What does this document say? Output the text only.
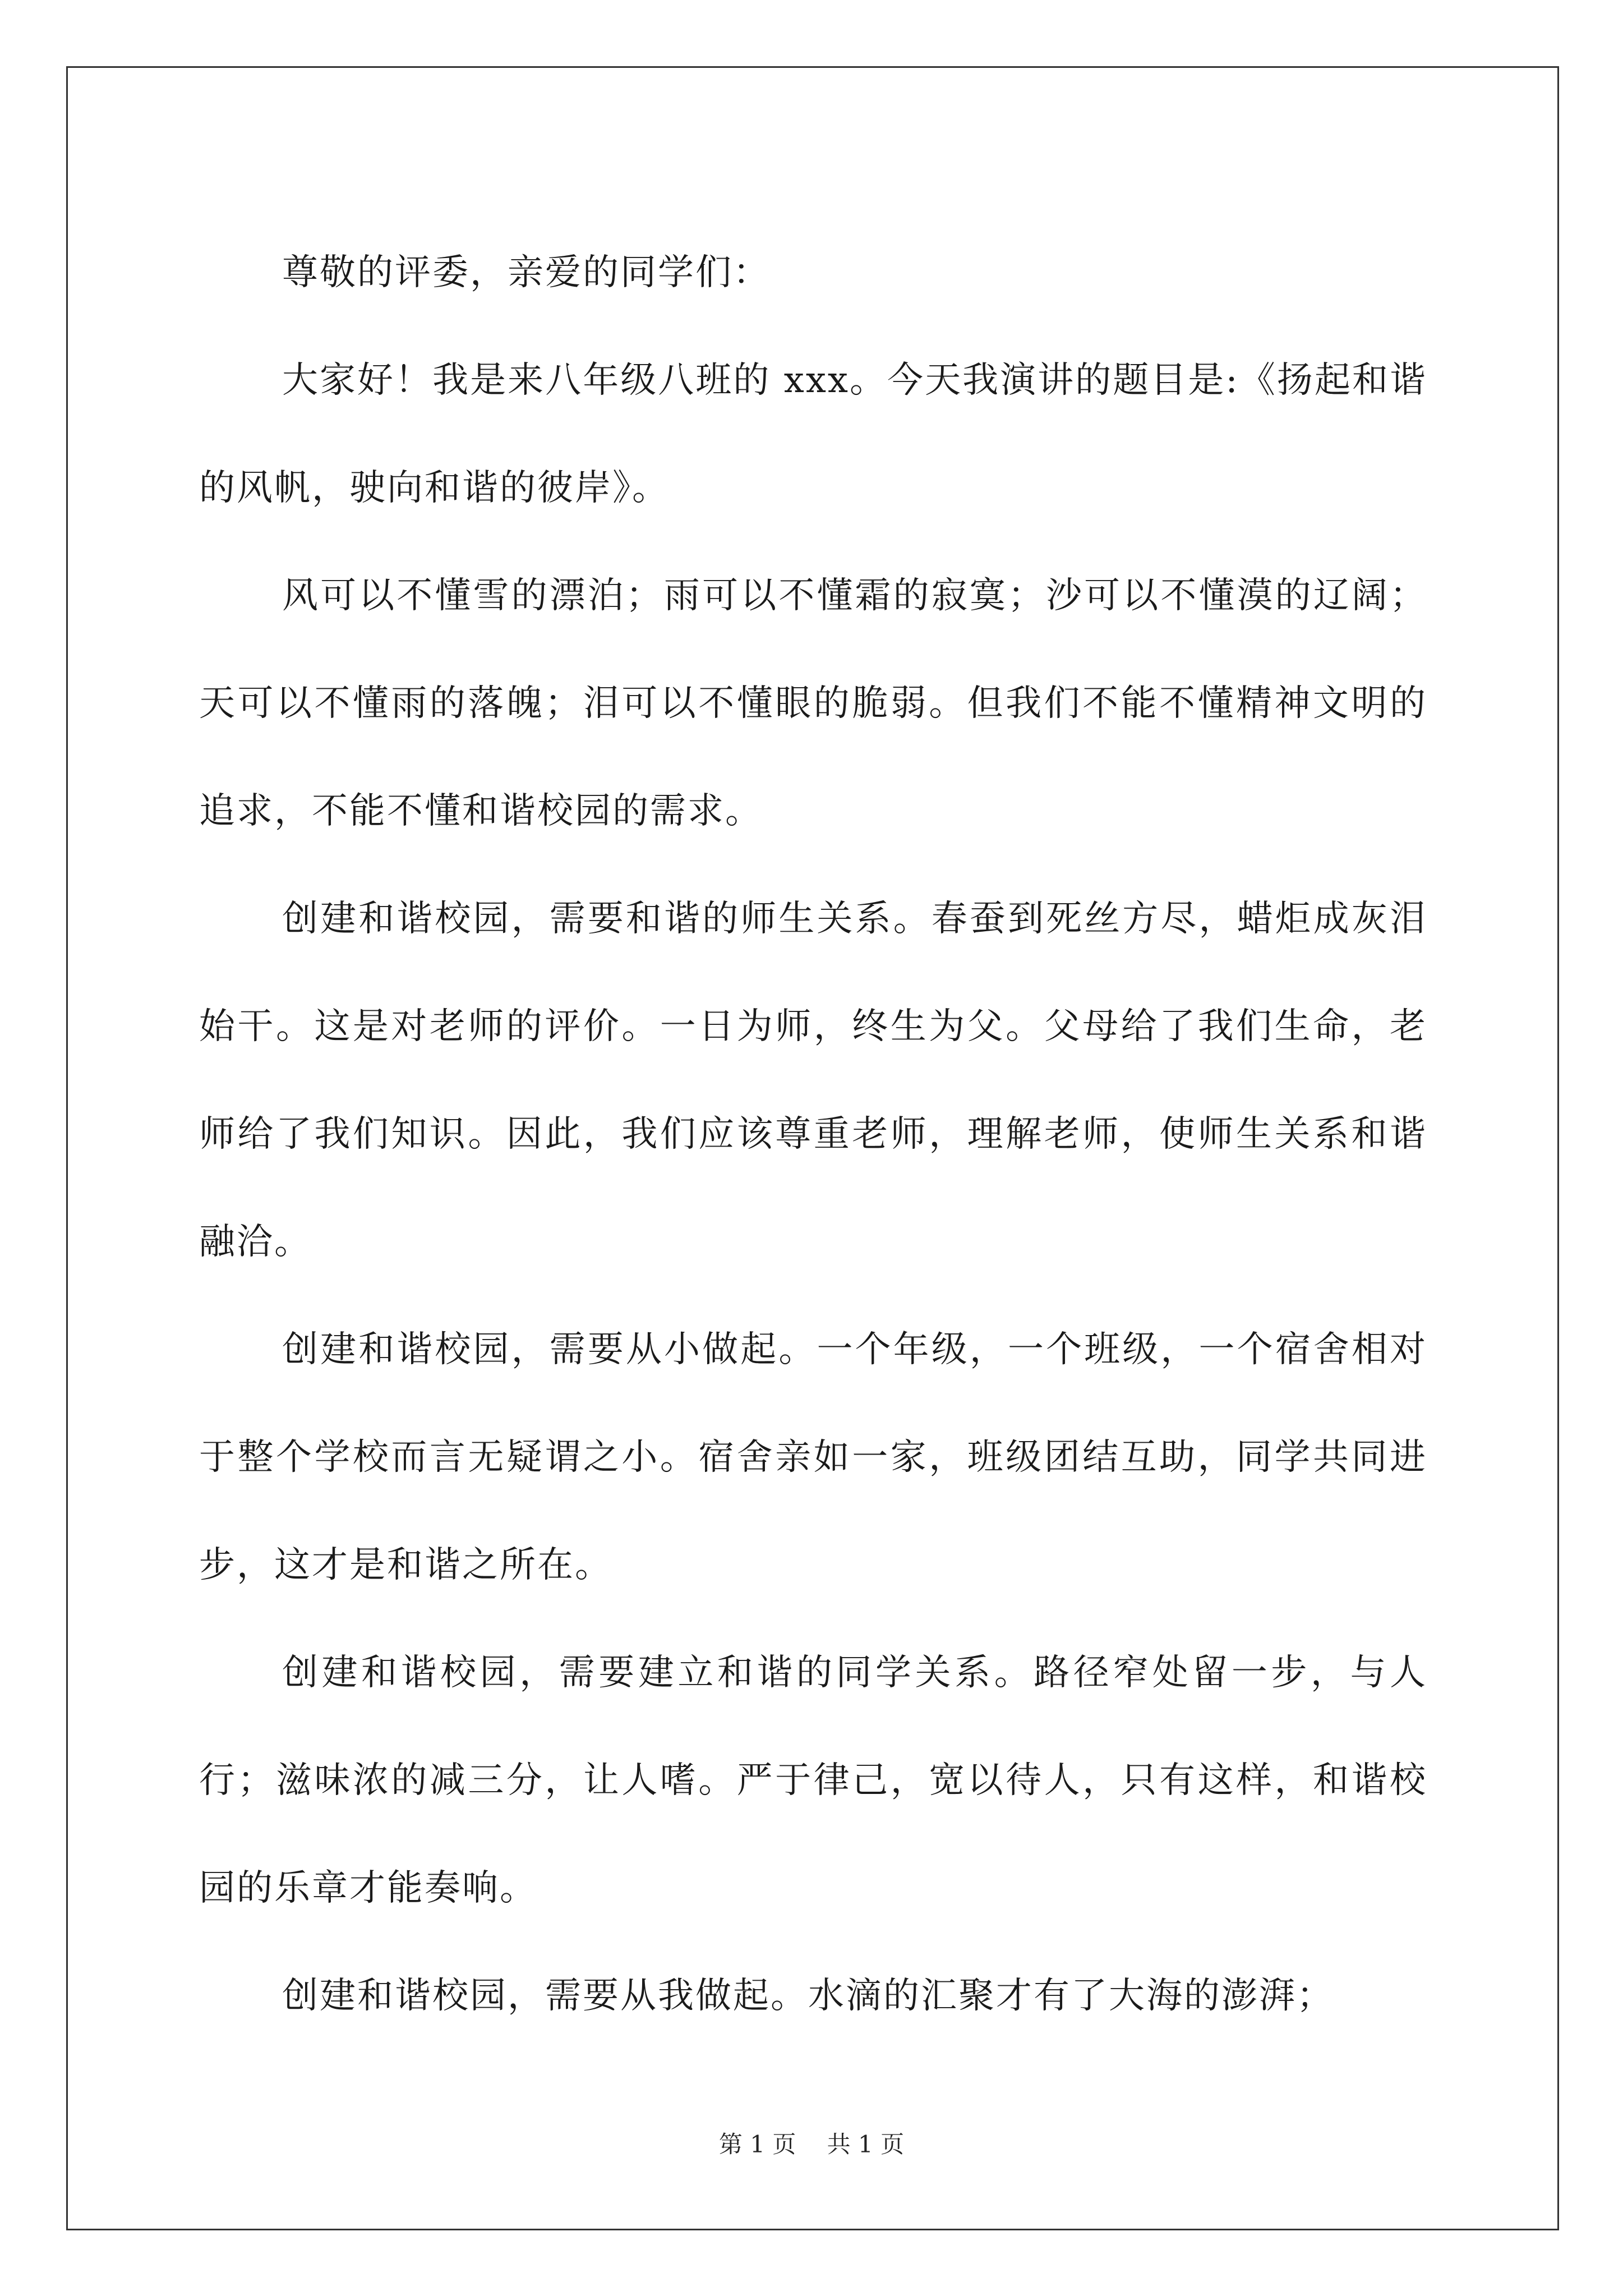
尊敬的评委，亲爱的同学们：

大家好！我是来八年级八班的 xxx。今天我演讲的题目是:《扬起和谐的风帆，驶向和谐的彼岸》。

风可以不懂雪的漂泊；雨可以不懂霜的寂寞；沙可以不懂漠的辽阔；天可以不懂雨的落魄；泪可以不懂眼的脆弱。但我们不能不懂精神文明的追求，不能不懂和谐校园的需求。

创建和谐校园，需要和谐的师生关系。春蚕到死丝方尽，蜡炬成灰泪始干。这是对老师的评价。一日为师，终生为父。父母给了我们生命，老师给了我们知识。因此，我们应该尊重老师，理解老师，使师生关系和谐融洽。

创建和谐校园，需要从小做起。一个年级，一个班级，一个宿舍相对于整个学校而言无疑谓之小。宿舍亲如一家，班级团结互助，同学共同进步，这才是和谐之所在。

创建和谐校园，需要建立和谐的同学关系。路径窄处留一步，与人行；滋味浓的减三分，让人嗜。严于律己，宽以待人，只有这样，和谐校园的乐章才能奏响。

创建和谐校园，需要从我做起。水滴的汇聚才有了大海的澎湃；

第 1 页　 共 1 页
